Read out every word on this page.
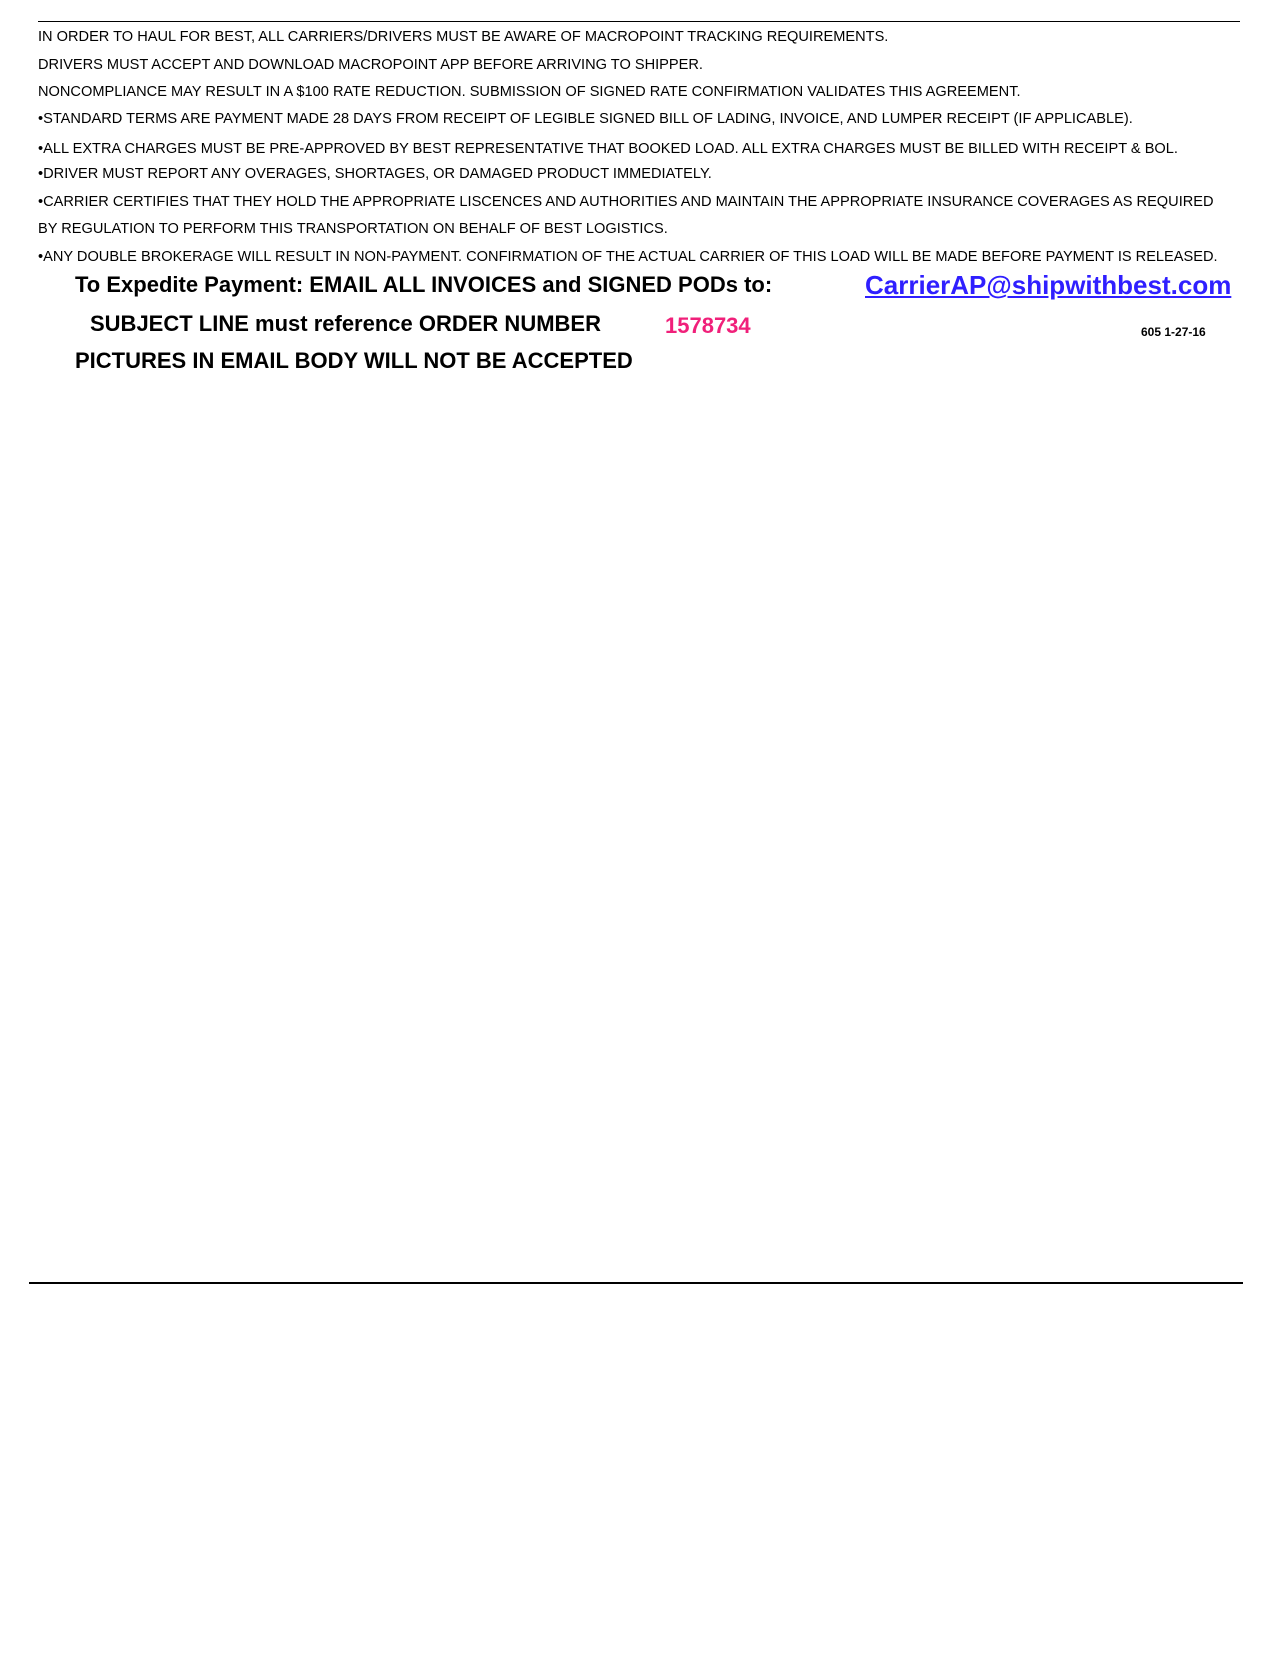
IN ORDER TO HAUL FOR BEST, ALL CARRIERS/DRIVERS MUST BE AWARE OF MACROPOINT TRACKING REQUIREMENTS.
DRIVERS MUST ACCEPT AND DOWNLOAD MACROPOINT APP BEFORE ARRIVING TO SHIPPER.
NONCOMPLIANCE MAY RESULT IN A $100 RATE REDUCTION. SUBMISSION OF SIGNED RATE CONFIRMATION VALIDATES THIS AGREEMENT.
•STANDARD TERMS ARE PAYMENT MADE 28 DAYS FROM RECEIPT OF LEGIBLE SIGNED BILL OF LADING, INVOICE, AND LUMPER RECEIPT (IF APPLICABLE).
•ALL EXTRA CHARGES MUST BE PRE-APPROVED BY BEST REPRESENTATIVE THAT BOOKED LOAD. ALL EXTRA CHARGES MUST BE BILLED WITH RECEIPT & BOL.
•DRIVER MUST REPORT ANY OVERAGES, SHORTAGES, OR DAMAGED PRODUCT IMMEDIATELY.
•CARRIER CERTIFIES THAT THEY HOLD THE APPROPRIATE LISCENCES AND AUTHORITIES AND MAINTAIN THE APPROPRIATE INSURANCE COVERAGES AS REQUIRED
BY REGULATION TO PERFORM THIS TRANSPORTATION ON BEHALF OF BEST LOGISTICS.
•ANY DOUBLE BROKERAGE WILL RESULT IN NON-PAYMENT. CONFIRMATION OF THE ACTUAL CARRIER OF THIS LOAD WILL BE MADE BEFORE PAYMENT IS RELEASED.
To Expedite Payment: EMAIL ALL INVOICES and SIGNED PODs to:	CarrierAP@shipwithbest.com
SUBJECT LINE must reference ORDER NUMBER	1578734	605 1-27-16
PICTURES IN EMAIL BODY WILL NOT BE ACCEPTED
